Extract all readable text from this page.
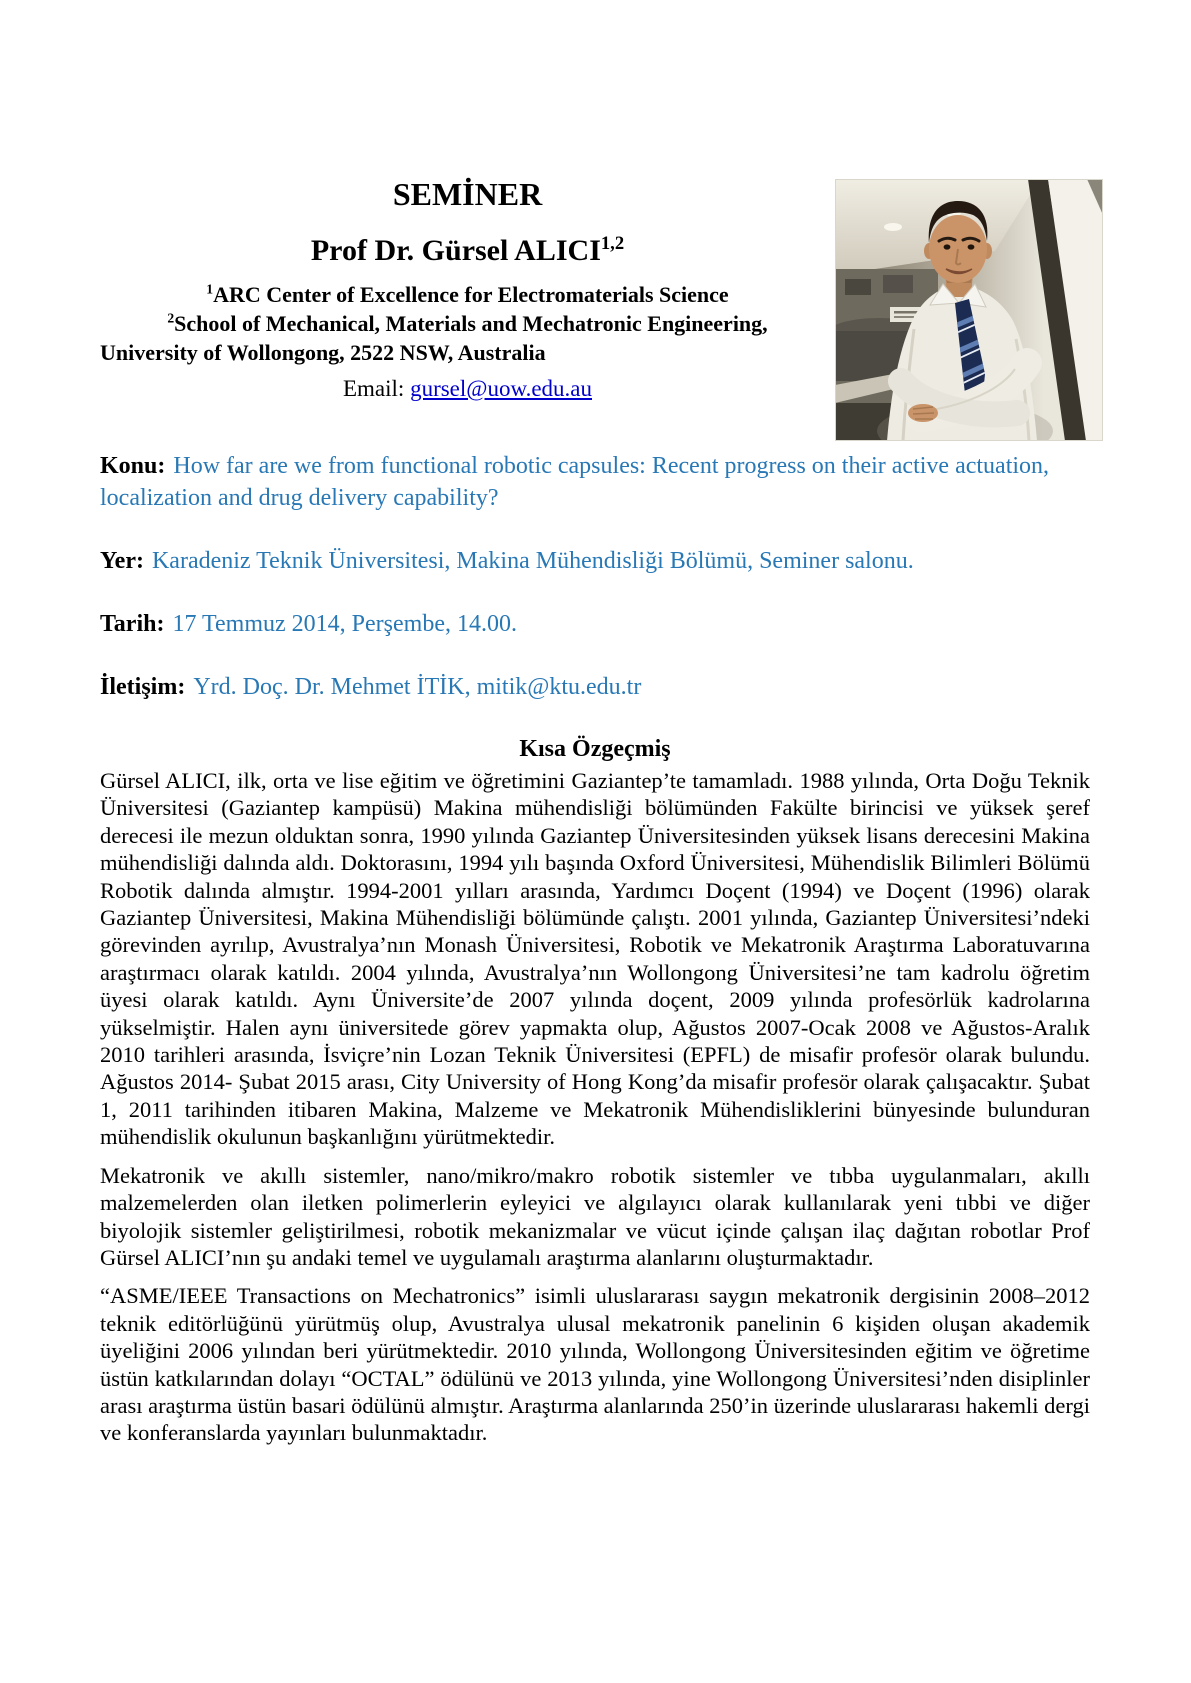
SEMİNER
Prof Dr. Gürsel ALICI$^{1,2}$

$^1$ARC Center of Excellence for Electromaterials Science

$^2$School of Mechanical, Materials and Mechatronic Engineering,

University of Wollongong, 2522 NSW, Australia

Email: gursel@uow.edu.au

Konu: How far are we from functional robotic capsules: Recent progress on their active actuation, localization and drug delivery capability?

Yer: Karadeniz Teknik Üniversitesi, Makina Mühendisliği Bölümü, Seminer salonu.

Tarih: 17 Temmuz 2014, Perşembe, 14.00.

İletişim: Yrd. Doç. Dr. Mehmet İTİK, mitik@ktu.edu.tr

Kısa Özgeçmiş

Gürsel ALICI, ilk, orta ve lise eğitim ve öğretimini Gaziantep’te tamamladı. 1988 yılında, Orta Doğu Teknik Üniversitesi (Gaziantep kampüsü) Makina mühendisliği bölümünden Fakülte birincisi ve yüksek şeref derecesi ile mezun olduktan sonra, 1990 yılında Gaziantep Üniversitesinden yüksek lisans derecesini Makina mühendisliği dalında aldı. Doktorasını, 1994 yılı başında Oxford Üniversitesi, Mühendislik Bilimleri Bölümü Robotik dalında almıştır. 1994-2001 yılları arasında, Yardımcı Doçent (1994) ve Doçent (1996) olarak Gaziantep Üniversitesi, Makina Mühendisliği bölümünde çalıştı. 2001 yılında, Gaziantep Üniversitesi’ndeki görevinden ayrılıp, Avustralya’nın Monash Üniversitesi, Robotik ve Mekatronik Araştırma Laboratuvarına araştırmacı olarak katıldı. 2004 yılında, Avustralya’nın Wollongong Üniversitesi’ne tam kadrolu öğretim üyesi olarak katıldı. Aynı Üniversite’de 2007 yılında doçent, 2009 yılında profesörlük kadrolarına yükselmiştir. Halen aynı üniversitede görev yapmakta olup, Ağustos 2007-Ocak 2008 ve Ağustos-Aralık 2010 tarihleri arasında, İsviçre’nin Lozan Teknik Üniversitesi (EPFL) de misafir profesör olarak bulundu. Ağustos 2014- Şubat 2015 arası, City University of Hong Kong’da misafir profesör olarak çalışacaktır. Şubat 1, 2011 tarihinden itibaren Makina, Malzeme ve Mekatronik Mühendisliklerini bünyesinde bulunduran mühendislik okulunun başkanlığını yürütmektedir.

Mekatronik ve akıllı sistemler, nano/mikro/makro robotik sistemler ve tıbba uygulanmaları, akıllı malzemelerden olan iletken polimerlerin eyleyici ve algılayıcı olarak kullanılarak yeni tıbbi ve diğer biyolojik sistemler geliştirilmesi, robotik mekanizmalar ve vücut içinde çalışan ilaç dağıtan robotlar Prof Gürsel ALICI’nın şu andaki temel ve uygulamalı araştırma alanlarını oluşturmaktadır.

“ASME/IEEE Transactions on Mechatronics” isimli uluslararası saygın mekatronik dergisinin 2008–2012 teknik editörlüğünü yürütmüş olup, Avustralya ulusal mekatronik panelinin 6 kişiden oluşan akademik üyeliğini 2006 yılından beri yürütmektedir. 2010 yılında, Wollongong Üniversitesinden eğitim ve öğretime üstün katkılarından dolayı “OCTAL” ödülünü ve 2013 yılında, yine Wollongong Üniversitesi’nden disiplinler arası araştırma üstün basari ödülünü almıştır. Araştırma alanlarında 250’in üzerinde uluslararası hakemli dergi ve konferanslarda yayınları bulunmaktadır.
